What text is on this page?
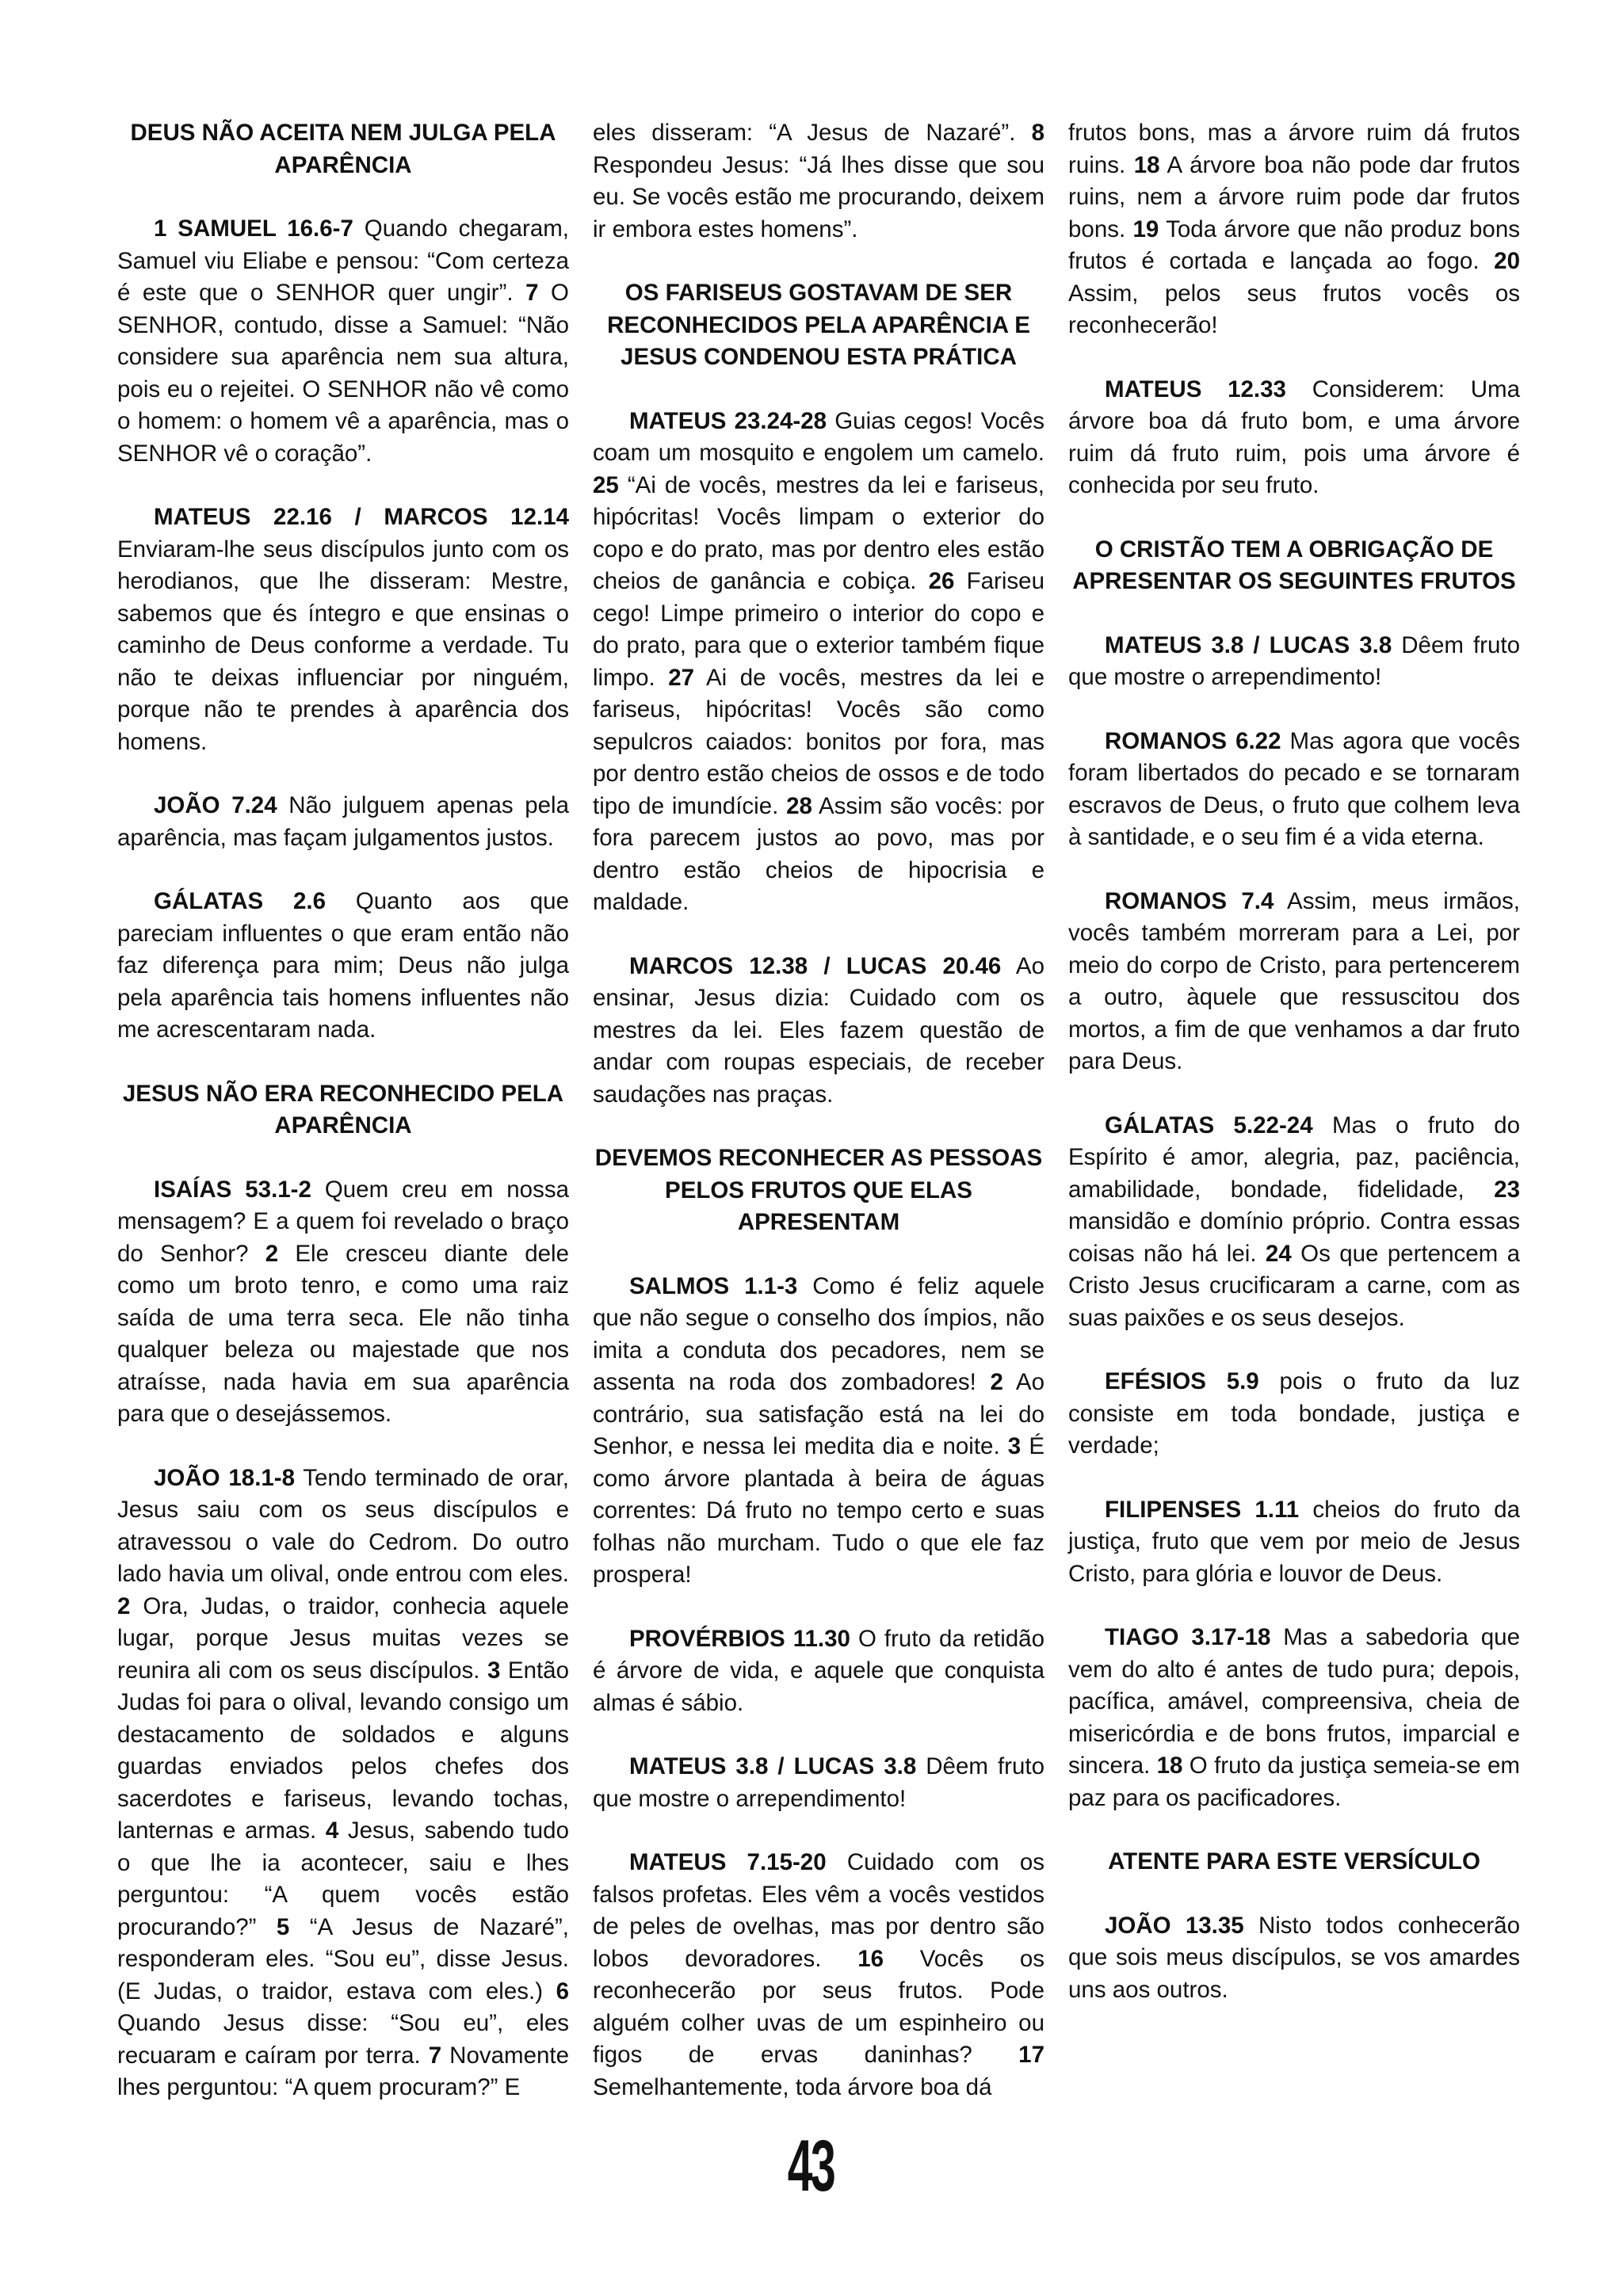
DEUS NÃO ACEITA NEM JULGA PELA APARÊNCIA
1 SAMUEL 16.6-7 Quando chegaram, Samuel viu Eliabe e pensou: “Com certeza é este que o SENHOR quer ungir”. 7 O SENHOR, contudo, disse a Samuel: “Não considere sua aparência nem sua altura, pois eu o rejeitei. O SENHOR não vê como o homem: o homem vê a aparência, mas o SENHOR vê o coração”.
MATEUS 22.16 / MARCOS 12.14 Enviaram-lhe seus discípulos junto com os herodianos, que lhe disseram: Mestre, sabemos que és íntegro e que ensinas o caminho de Deus conforme a verdade. Tu não te deixas influenciar por ninguém, porque não te prendes à aparência dos homens.
JOÃO 7.24 Não julguem apenas pela aparência, mas façam julgamentos justos.
GÁLATAS 2.6 Quanto aos que pareciam influentes o que eram então não faz diferença para mim; Deus não julga pela aparência tais homens influentes não me acrescentaram nada.
JESUS NÃO ERA RECONHECIDO PELA APARÊNCIA
ISAÍAS 53.1-2 Quem creu em nossa mensagem? E a quem foi revelado o braço do Senhor? 2 Ele cresceu diante dele como um broto tenro, e como uma raiz saída de uma terra seca. Ele não tinha qualquer beleza ou majestade que nos atraísse, nada havia em sua aparência para que o desejássemos.
JOÃO 18.1-8 Tendo terminado de orar, Jesus saiu com os seus discípulos e atravessou o vale do Cedrom. Do outro lado havia um olival, onde entrou com eles. 2 Ora, Judas, o traidor, conhecia aquele lugar, porque Jesus muitas vezes se reunira ali com os seus discípulos. 3 Então Judas foi para o olival, levando consigo um destacamento de soldados e alguns guardas enviados pelos chefes dos sacerdotes e fariseus, levando tochas, lanternas e armas. 4 Jesus, sabendo tudo o que lhe ia acontecer, saiu e lhes perguntou: “A quem vocês estão procurando?” 5 “A Jesus de Nazaré”, responderam eles. “Sou eu”, disse Jesus. (E Judas, o traidor, estava com eles.) 6 Quando Jesus disse: “Sou eu”, eles recuaram e caíram por terra. 7 Novamente lhes perguntou: “A quem procuram?” E
eles disseram: “A Jesus de Nazaré”. 8 Respondeu Jesus: “Já lhes disse que sou eu. Se vocês estão me procurando, deixem ir embora estes homens”.
OS FARISEUS GOSTAVAM DE SER RECONHECIDOS PELA APARÊNCIA E JESUS CONDENOU ESTA PRÁTICA
MATEUS 23.24-28 Guias cegos! Vocês coam um mosquito e engolem um camelo. 25 “Ai de vocês, mestres da lei e fariseus, hipócritas! Vocês limpam o exterior do copo e do prato, mas por dentro eles estão cheios de ganância e cobiça. 26 Fariseu cego! Limpe primeiro o interior do copo e do prato, para que o exterior também fique limpo. 27 Ai de vocês, mestres da lei e fariseus, hipócritas! Vocês são como sepulcros caiados: bonitos por fora, mas por dentro estão cheios de ossos e de todo tipo de imundície. 28 Assim são vocês: por fora parecem justos ao povo, mas por dentro estão cheios de hipocrisia e maldade.
MARCOS 12.38 / LUCAS 20.46 Ao ensinar, Jesus dizia: Cuidado com os mestres da lei. Eles fazem questão de andar com roupas especiais, de receber saudações nas praças.
DEVEMOS RECONHECER AS PESSOAS PELOS FRUTOS QUE ELAS APRESENTAM
SALMOS 1.1-3 Como é feliz aquele que não segue o conselho dos ímpios, não imita a conduta dos pecadores, nem se assenta na roda dos zombadores! 2 Ao contrário, sua satisfação está na lei do Senhor, e nessa lei medita dia e noite. 3 É como árvore plantada à beira de águas correntes: Dá fruto no tempo certo e suas folhas não murcham. Tudo o que ele faz prospera!
PROVÉRBIOS 11.30 O fruto da retidão é árvore de vida, e aquele que conquista almas é sábio.
MATEUS 3.8 / LUCAS 3.8 Dêem fruto que mostre o arrependimento!
MATEUS 7.15-20 Cuidado com os falsos profetas. Eles vêm a vocês vestidos de peles de ovelhas, mas por dentro são lobos devoradores. 16 Vocês os reconhecerão por seus frutos. Pode alguém colher uvas de um espinheiro ou figos de ervas daninhas? 17 Semelhantemente, toda árvore boa dá
frutos bons, mas a árvore ruim dá frutos ruins. 18 A árvore boa não pode dar frutos ruins, nem a árvore ruim pode dar frutos bons. 19 Toda árvore que não produz bons frutos é cortada e lançada ao fogo. 20 Assim, pelos seus frutos vocês os reconhecerão!
MATEUS 12.33 Considerem: Uma árvore boa dá fruto bom, e uma árvore ruim dá fruto ruim, pois uma árvore é conhecida por seu fruto.
O CRISTÃO TEM A OBRIGAÇÃO DE APRESENTAR OS SEGUINTES FRUTOS
MATEUS 3.8 / LUCAS 3.8 Dêem fruto que mostre o arrependimento!
ROMANOS 6.22 Mas agora que vocês foram libertados do pecado e se tornaram escravos de Deus, o fruto que colhem leva à santidade, e o seu fim é a vida eterna.
ROMANOS 7.4 Assim, meus irmãos, vocês também morreram para a Lei, por meio do corpo de Cristo, para pertencerem a outro, àquele que ressuscitou dos mortos, a fim de que venhamos a dar fruto para Deus.
GÁLATAS 5.22-24 Mas o fruto do Espírito é amor, alegria, paz, paciência, amabilidade, bondade, fidelidade, 23 mansidão e domínio próprio. Contra essas coisas não há lei. 24 Os que pertencem a Cristo Jesus crucificaram a carne, com as suas paixões e os seus desejos.
EFÉSIOS 5.9 pois o fruto da luz consiste em toda bondade, justiça e verdade;
FILIPENSES 1.11 cheios do fruto da justiça, fruto que vem por meio de Jesus Cristo, para glória e louvor de Deus.
TIAGO 3.17-18 Mas a sabedoria que vem do alto é antes de tudo pura; depois, pacífica, amável, compreensiva, cheia de misericórdia e de bons frutos, imparcial e sincera. 18 O fruto da justiça semeia-se em paz para os pacificadores.
ATENTE PARA ESTE VERSÍCULO
JOÃO 13.35 Nisto todos conhecerão que sois meus discípulos, se vos amardes uns aos outros.
43
